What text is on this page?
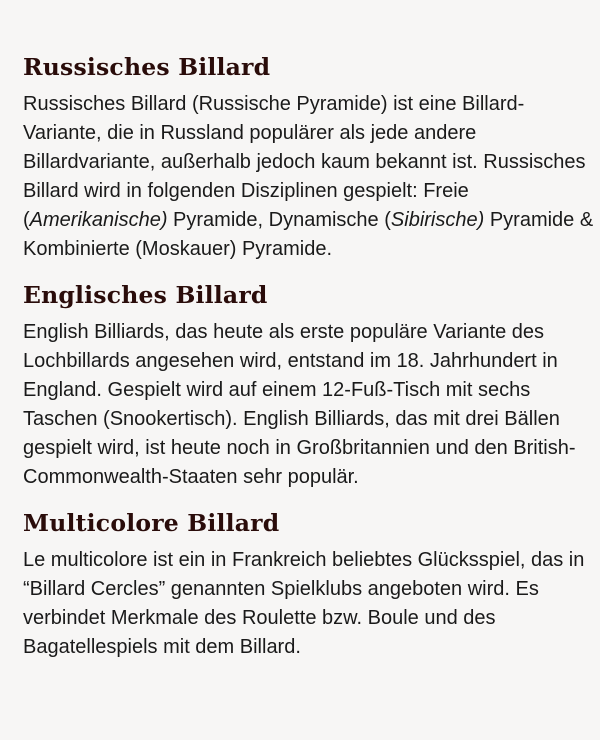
Russisches Billard

Russisches Billard (Russische Pyramide) ist eine Billard-Variante, die in Russland populärer als jede andere Billardvariante, außerhalb jedoch kaum bekannt ist. Russisches Billard wird in folgenden Disziplinen gespielt: Freie (Amerikanische) Pyramide, Dynamische (Sibirische) Pyramide & Kombinierte (Moskauer) Pyramide.

Englisches Billard

English Billiards, das heute als erste populäre Variante des Lochbillards angesehen wird, entstand im 18. Jahrhundert in England. Gespielt wird auf einem 12-Fuß-Tisch mit sechs Taschen (Snookertisch). English Billiards, das mit drei Bällen gespielt wird, ist heute noch in Großbritannien und den British-Commonwealth-Staaten sehr populär.

Multicolore Billard

Le multicolore ist ein in Frankreich beliebtes Glücksspiel, das in “Billard Cercles” genannten Spielklubs angeboten wird. Es verbindet Merkmale des Roulette bzw. Boule und des Bagatellespiels mit dem Billard.
